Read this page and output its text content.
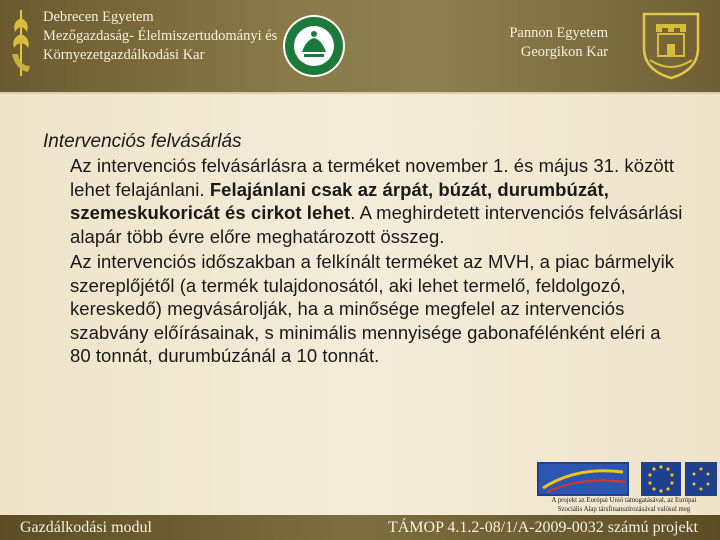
Debrecen Egyetem
Mezőgazdaság- Élelmiszertudományi és
Környezetgazdálkodási Kar
Pannon Egyetem
Georgikon Kar
Intervenciós felvásárlás
Az intervenciós felvásárlásra a terméket november 1. és május 31. között lehet felajánlani. Felajánlani csak az árpát, búzát, durumbúzát, szemeskukoricát és cirkot lehet. A meghirdetett intervenciós felvásárlási alapár több évre előre meghatározott összeg.
Az intervenciós időszakban a felkínált terméket az MVH, a piac bármelyik szereplőjétől (a termék tulajdonosától, aki lehet termelő, feldolgozó, kereskedő) megvásárolják, ha a minősége megfelel az intervenciós szabvány előírásainak, s minimális mennyisége gabonafélénként eléri a 80 tonnát, durumbúzánál a 10 tonnát.
A projekt az Európai Unió támogatásával, az Európai
Szociális Alap társfinanszírozásával valósul meg
Gazdálkodási modul	TÁMOP 4.1.2-08/1/A-2009-0032 számú projekt
